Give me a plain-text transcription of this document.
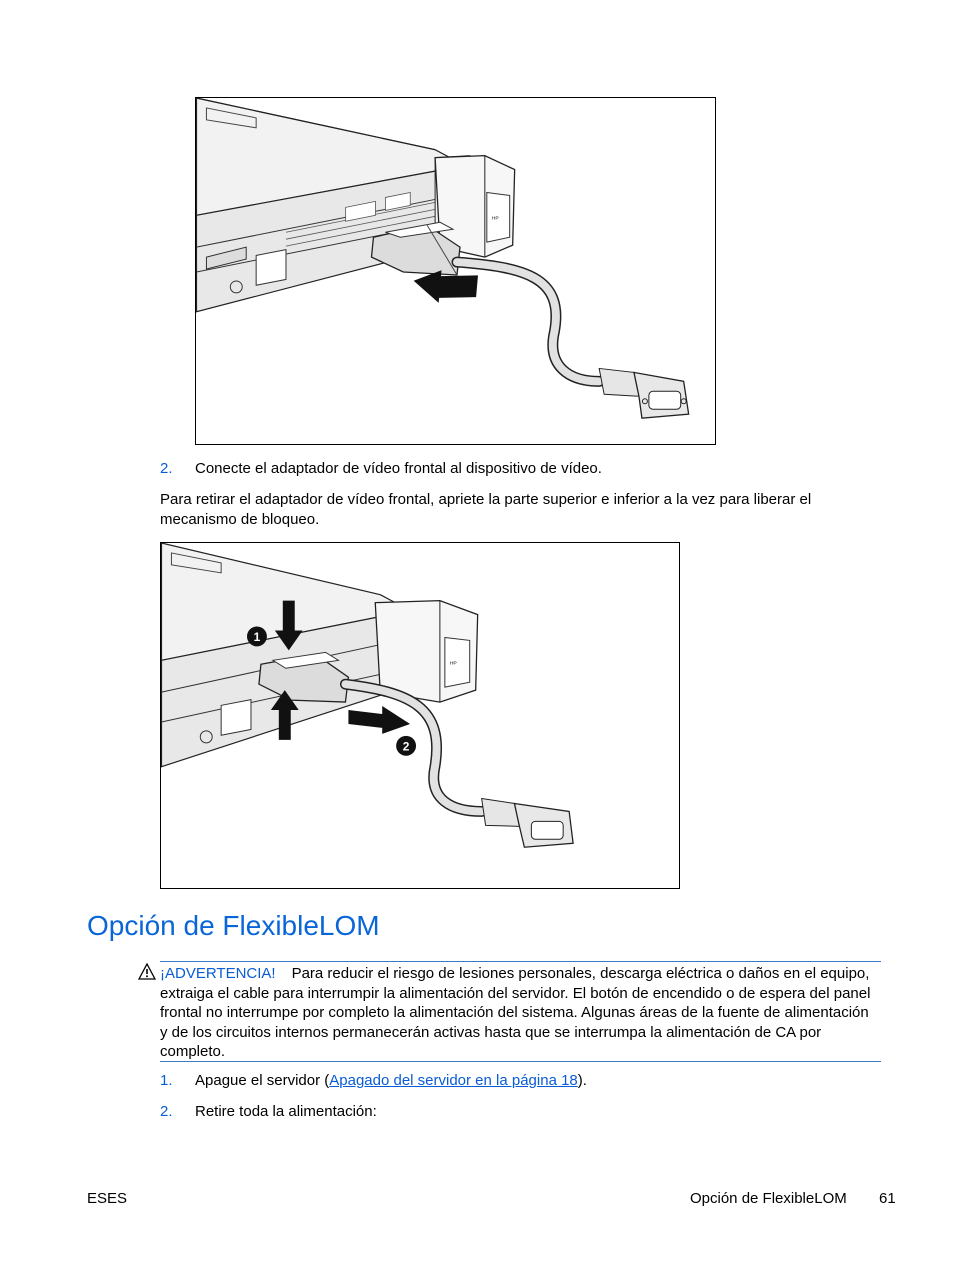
HP
2. Conecte el adaptador de vídeo frontal al dispositivo de vídeo.
Para retirar el adaptador de vídeo frontal, apriete la parte superior e inferior a la vez para liberar el mecanismo de bloqueo.
HP
1
2
Opción de FlexibleLOM
¡ADVERTENCIA! Para reducir el riesgo de lesiones personales, descarga eléctrica o daños en el equipo, extraiga el cable para interrumpir la alimentación del servidor. El botón de encendido o de espera del panel frontal no interrumpe por completo la alimentación del sistema. Algunas áreas de la fuente de alimentación y de los circuitos internos permanecerán activas hasta que se interrumpa la alimentación de CA por completo.
1. Apague el servidor (Apagado del servidor en la página 18).
2. Retire toda la alimentación:
ESES	Opción de FlexibleLOM 61
